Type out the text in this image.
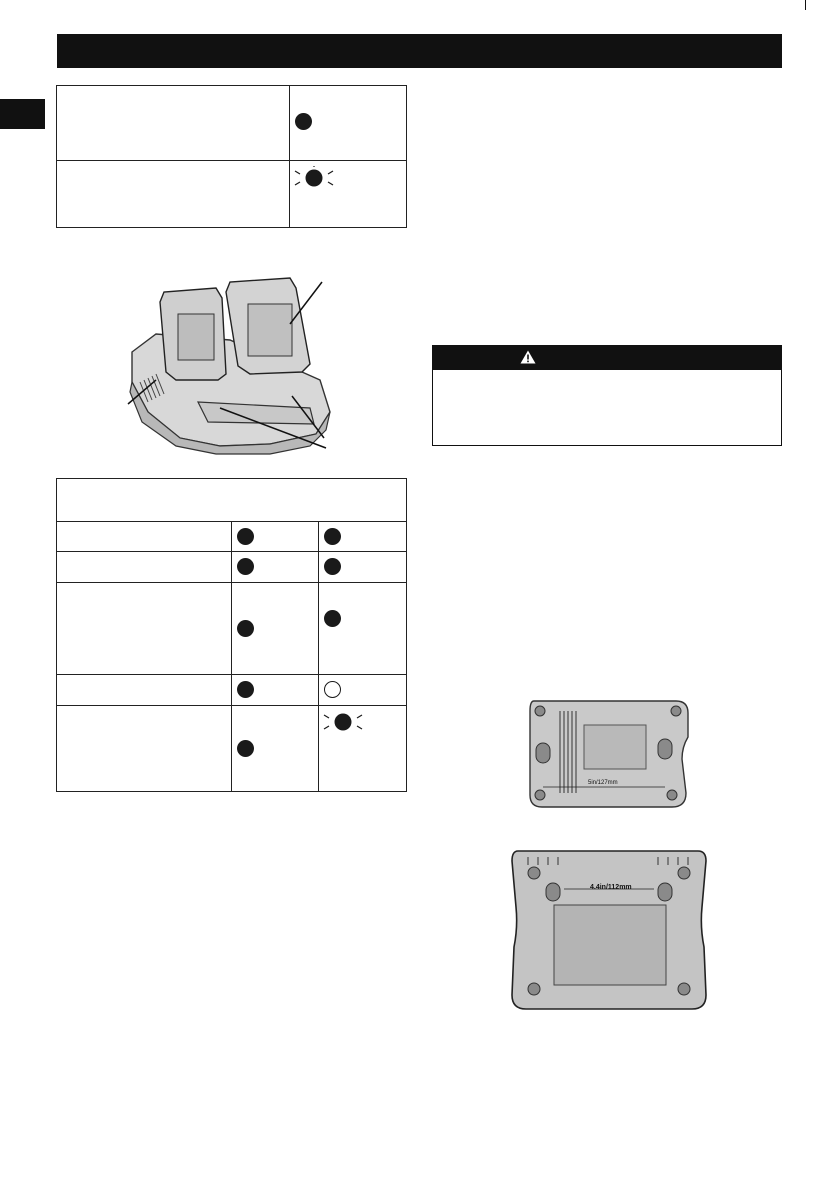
5in/127mm
4.4in/112mm
